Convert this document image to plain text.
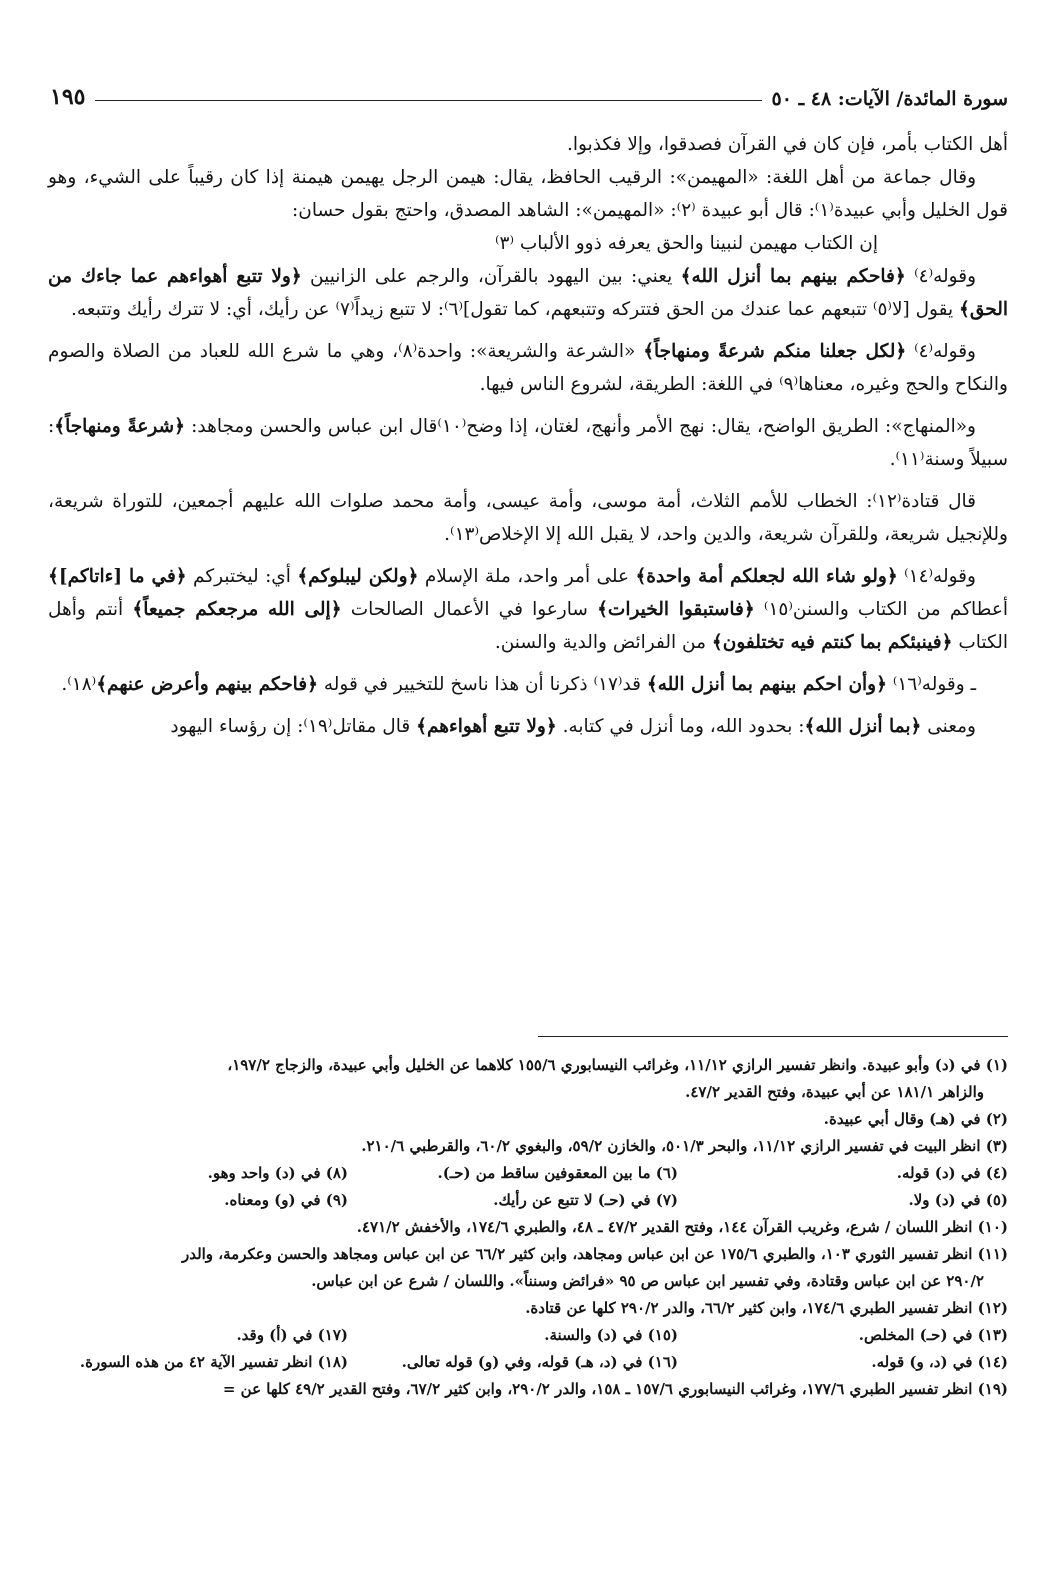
سورة المائدة/ الآيات: ٤٨ ـ ٥٠
١٩٥

أهل الكتاب بأمر، فإن كان في القرآن فصدقوا، وإلا فكذبوا.

وقال جماعة من أهل اللغة: «المهيمن»: الرقيب الحافظ، يقال: هيمن الرجل يهيمن هيمنة إذا كان رقيباً على الشيء، وهو قول الخليل وأبي عبيدة⁽١⁾: قال أبو عبيدة ⁽٢⁾: «المهيمن»: الشاهد المصدق، واحتج بقول حسان:

إن الكتاب مهيمن لنبينا والحق يعرفه ذوو الألباب ⁽٣⁾

وقوله⁽٤⁾ ﴿فاحكم بينهم بما أنزل الله﴾ يعني: بين اليهود بالقرآن، والرجم على الزانيين ﴿ولا تتبع أهواءهم عما جاءك من الحق﴾ يقول [لا⁽٥⁾ تتبعهم عما عندك من الحق فتتركه وتتبعهم، كما تقول]⁽٦⁾: لا تتبع زيداً⁽٧⁾ عن رأيك، أي: لا تترك رأيك وتتبعه.

وقوله⁽٤⁾ ﴿لكل جعلنا منكم شرعةً ومنهاجاً﴾ «الشرعة والشريعة»: واحدة⁽٨⁾، وهي ما شرع الله للعباد من الصلاة والصوم والنكاح والحج وغيره، معناها⁽٩⁾ في اللغة: الطريقة، لشروع الناس فيها.

و«المنهاج»: الطريق الواضح، يقال: نهج الأمر وأنهج، لغتان، إذا وضح⁽١٠⁾قال ابن عباس والحسن ومجاهد: ﴿شرعةً ومنهاجاً﴾: سبيلاً وسنة⁽١١⁾.

قال قتادة⁽١٢⁾: الخطاب للأمم الثلاث، أمة موسى، وأمة عيسى، وأمة محمد صلوات الله عليهم أجمعين، للتوراة شريعة، وللإنجيل شريعة، وللقرآن شريعة، والدين واحد، لا يقبل الله إلا الإخلاص⁽١٣⁾.

وقوله⁽١٤⁾ ﴿ولو شاء الله لجعلكم أمة واحدة﴾ على أمر واحد، ملة الإسلام ﴿ولكن ليبلوكم﴾ أي: ليختبركم ﴿في ما [ءاتاكم]﴾ أعطاكم من الكتاب والسنن⁽١٥⁾ ﴿فاستبقوا الخيرات﴾ سارعوا في الأعمال الصالحات ﴿إلى الله مرجعكم جميعاً﴾ أنتم وأهل الكتاب ﴿فينبئكم بما كنتم فيه تختلفون﴾ من الفرائض والدية والسنن.

ـ وقوله⁽١٦⁾ ﴿وأن احكم بينهم بما أنزل الله﴾ قد⁽١٧⁾ ذكرنا أن هذا ناسخ للتخيير في قوله ﴿فاحكم بينهم وأعرض عنهم﴾⁽١٨⁾.

ومعنى ﴿بما أنزل الله﴾: بحدود الله، وما أنزل في كتابه. ﴿ولا تتبع أهواءهم﴾ قال مقاتل⁽١٩⁾: إن رؤساء اليهود

(١) في (د) وأبو عبيدة. وانظر تفسير الرازي ١١/١٢، وغرائب النيسابوري ١٥٥/٦ كلاهما عن الخليل وأبي عبيدة، والزجاج ١٩٧/٢،
والزاهر ١٨١/١ عن أبي عبيدة، وفتح القدير ٤٧/٢.
(٢) في (هـ) وقال أبي عبيدة.
(٣) انظر البيت في تفسير الرازي ١١/١٢، والبحر ٥٠١/٣، والخازن ٥٩/٢، والبغوي ٦٠/٢، والقرطبي ٢١٠/٦.
(٤) في (د) قوله.
(٦) ما بين المعقوفين ساقط من (حـ).
(٨) في (د) واحد وهو.
(٥) في (د) ولا.
(٧) في (حـ) لا تتبع عن رأيك.
(٩) في (و) ومعناه.
(١٠) انظر اللسان / شرع، وغريب القرآن ١٤٤، وفتح القدير ٤٧/٢ ـ ٤٨، والطبري ١٧٤/٦، والأخفش ٤٧١/٢.
(١١) انظر تفسير الثوري ١٠٣، والطبري ١٧٥/٦ عن ابن عباس ومجاهد، وابن كثير ٦٦/٢ عن ابن عباس ومجاهد والحسن وعكرمة، والدر
٢٩٠/٢ عن ابن عباس وقتادة، وفي تفسير ابن عباس ص ٩٥ «فرائض وسنناً». واللسان / شرع عن ابن عباس.
(١٢) انظر تفسير الطبري ١٧٤/٦، وابن كثير ٦٦/٢، والدر ٢٩٠/٢ كلها عن قتادة.
(١٣) في (حـ) المخلص.
(١٥) في (د) والسنة.
(١٧) في (أ) وقد.
(١٤) في (د، و) قوله.
(١٦) في (د، هـ) قوله، وفي (و) قوله تعالى.
(١٨) انظر تفسير الآية ٤٢ من هذه السورة.
(١٩) انظر تفسير الطبري ١٧٧/٦، وغرائب النيسابوري ١٥٧/٦ ـ ١٥٨، والدر ٢٩٠/٢، وابن كثير ٦٧/٢، وفتح القدير ٤٩/٢ كلها عن =
